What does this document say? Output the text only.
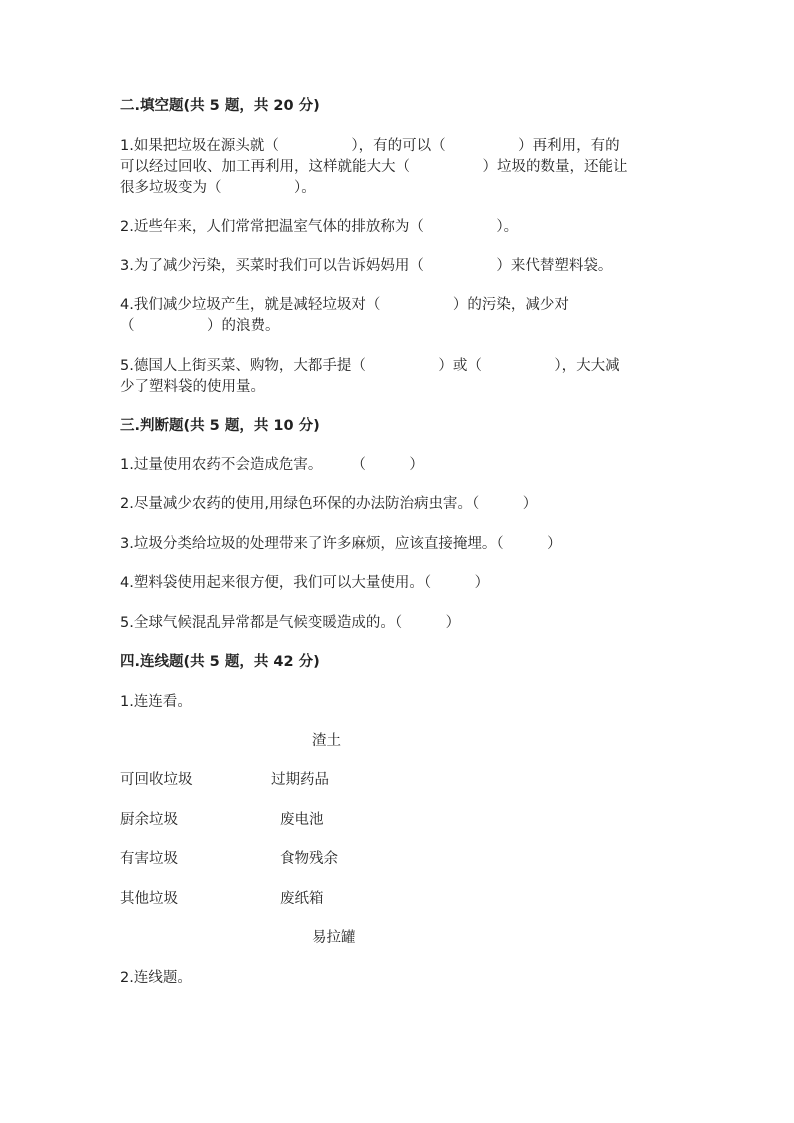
二.填空题(共 5 题，共 20 分)
1.如果把垃圾在源头就（　　　　　），有的可以（　　　　　）再利用，有的
可以经过回收、加工再利用，这样就能大大（　　　　　）垃圾的数量，还能让
很多垃圾变为（　　　　　）。
2.近些年来，人们常常把温室气体的排放称为（　　　　　）。
3.为了减少污染，买菜时我们可以告诉妈妈用（　　　　　）来代替塑料袋。
4.我们减少垃圾产生，就是减轻垃圾对（　　　　　）的污染，减少对
（　　　　　）的浪费。
5.德国人上街买菜、购物，大都手提（　　　　　）或（　　　　　），大大减
少了塑料袋的使用量。
三.判断题(共 5 题，共 10 分)
1.过量使用农药不会造成危害。　　　（　　　）
2.尽量减少农药的使用,用绿色环保的办法防治病虫害。（　　　）
3.垃圾分类给垃圾的处理带来了许多麻烦，应该直接掩埋。（　　　）
4.塑料袋使用起来很方便，我们可以大量使用。（　　　）
5.全球气候混乱异常都是气候变暖造成的。（　　　）
四.连线题(共 5 题，共 42 分)
1.连连看。
渣土
过期药品
废电池
食物残余
废纸箱
易拉罐
可回收垃圾
厨余垃圾
有害垃圾
其他垃圾
2.连线题。
